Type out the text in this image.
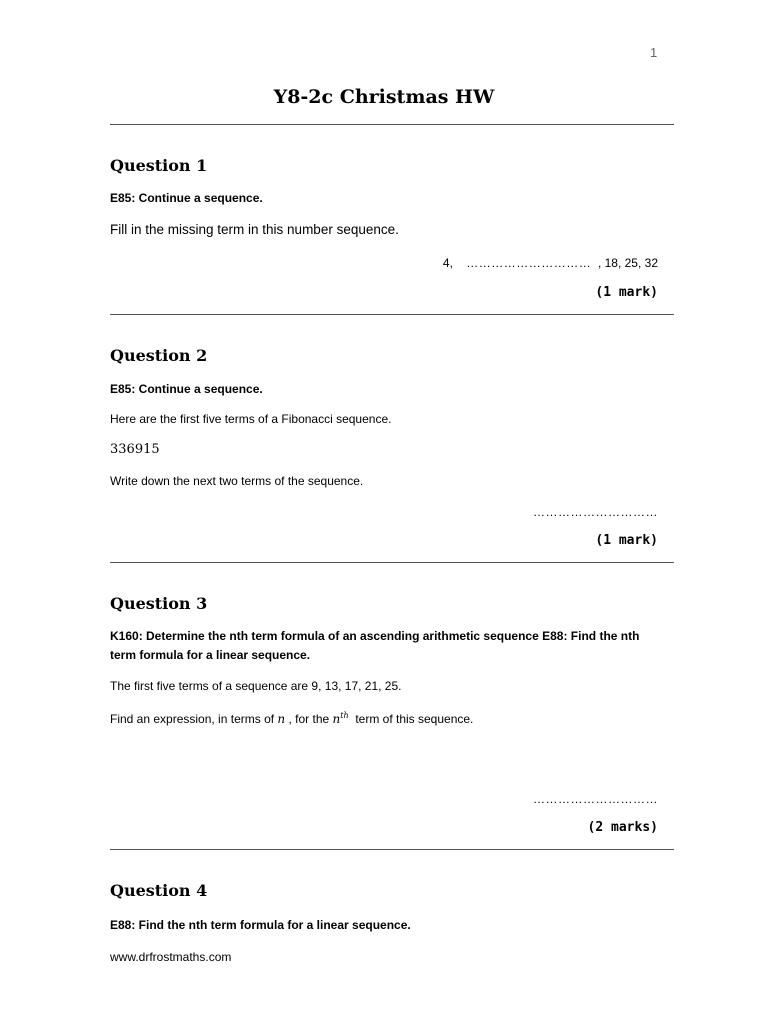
1
Y8-2c Christmas HW
Question 1
E85: Continue a sequence.
Fill in the missing term in this number sequence.
4, ………………………… , 18, 25, 32
(1 mark)
Question 2
E85: Continue a sequence.
Here are the first five terms of a Fibonacci sequence.
336915
Write down the next two terms of the sequence.
…………………………
(1 mark)
Question 3
K160: Determine the nth term formula of an ascending arithmetic sequence E88: Find the nth term formula for a linear sequence.
The first five terms of a sequence are 9, 13, 17, 21, 25.
Find an expression, in terms of n , for the $n^{th}$ term of this sequence.
…………………………
(2 marks)
Question 4
E88: Find the nth term formula for a linear sequence.
www.drfrostmaths.com
